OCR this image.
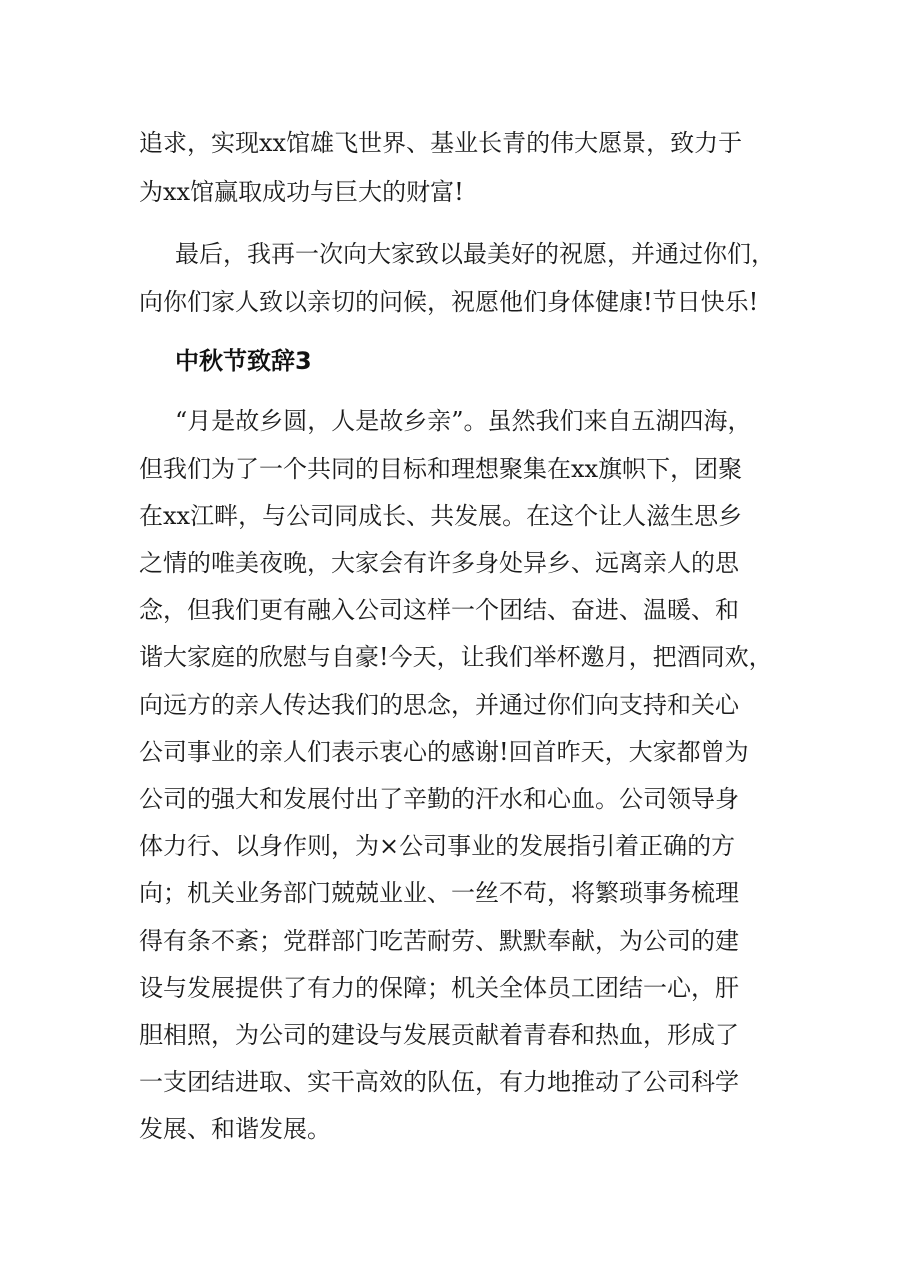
追求，实现xx馆雄飞世界、基业长青的伟大愿景，致力于
为xx馆赢取成功与巨大的财富!
最后，我再一次向大家致以最美好的祝愿，并通过你们，
向你们家人致以亲切的问候，祝愿他们身体健康!节日快乐!
中秋节致辞3
“月是故乡圆，人是故乡亲”。虽然我们来自五湖四海，
但我们为了一个共同的目标和理想聚集在xx旗帜下，团聚
在xx江畔，与公司同成长、共发展。在这个让人滋生思乡
之情的唯美夜晚，大家会有许多身处异乡、远离亲人的思
念，但我们更有融入公司这样一个团结、奋进、温暖、和
谐大家庭的欣慰与自豪!今天，让我们举杯邀月，把酒同欢，
向远方的亲人传达我们的思念，并通过你们向支持和关心
公司事业的亲人们表示衷心的感谢!回首昨天，大家都曾为
公司的强大和发展付出了辛勤的汗水和心血。公司领导身
体力行、以身作则，为×公司事业的发展指引着正确的方
向；机关业务部门兢兢业业、一丝不苟，将繁琐事务梳理
得有条不紊；党群部门吃苦耐劳、默默奉献，为公司的建
设与发展提供了有力的保障；机关全体员工团结一心，肝
胆相照，为公司的建设与发展贡献着青春和热血，形成了
一支团结进取、实干高效的队伍，有力地推动了公司科学
发展、和谐发展。
